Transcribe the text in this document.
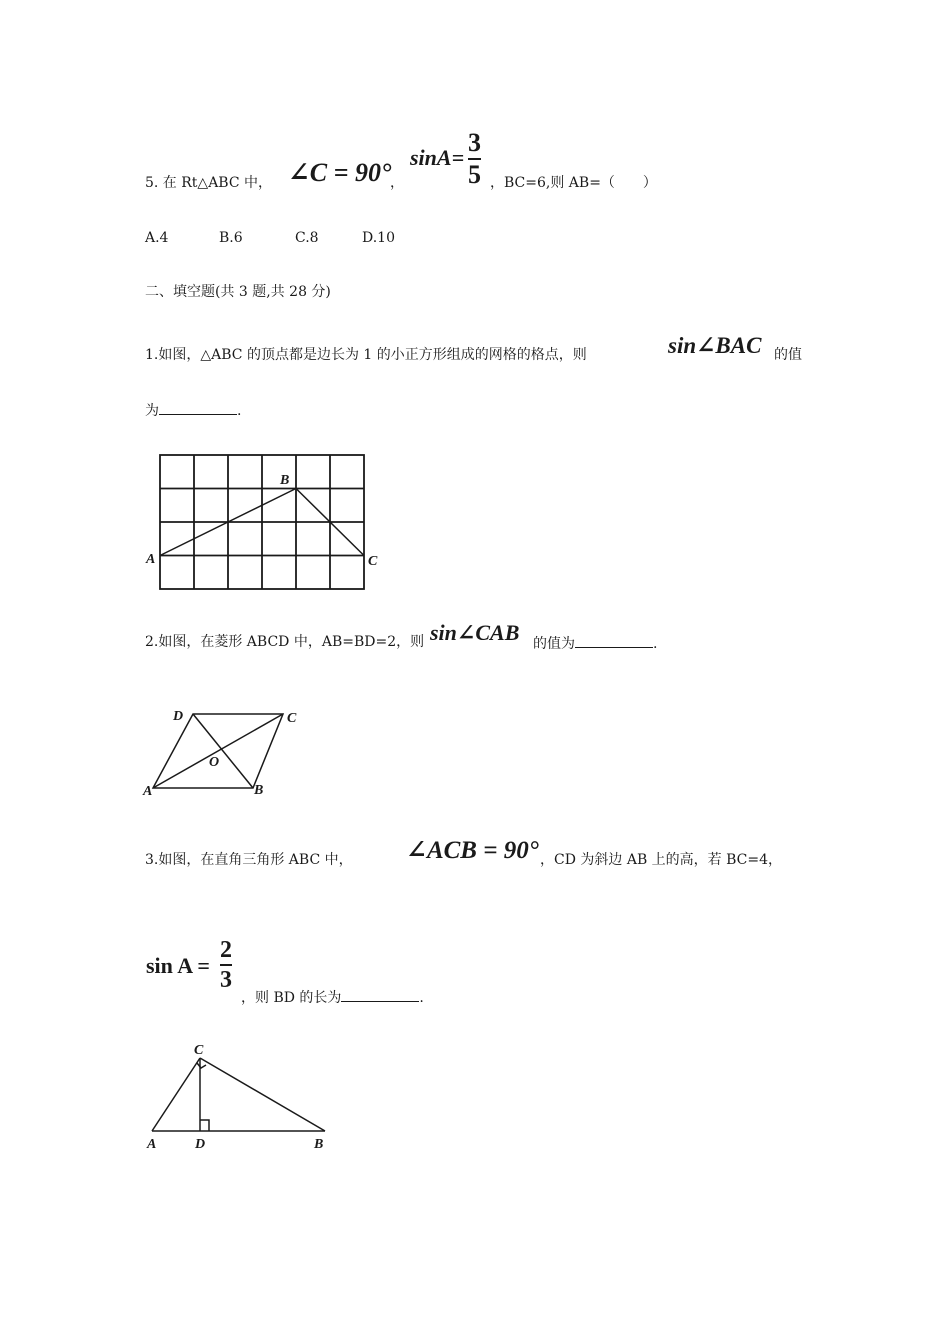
5. 在 Rt△ABC 中， ∠C = 90°
，
$\sin A= \frac{3}{5}$ ，BC=6,则 AB=（　　）
A.4	B.6	C.8	D.10
二、填空题(共 3 题,共 28 分)
1.如图，△ABC 的顶点都是边长为 1 的小正方形组成的网格的格点，则	sin∠BAC 的值
为	.
B
A	C
2.如图，在菱形 ABCD 中，AB=BD=2，则 sin∠CAB 的值为	.
D	C
A	B
O
3.如图，在直角三角形 ABC 中， ∠ACB = 90° ，CD 为斜边 AB 上的高，若 BC=4，
$\sin A = \frac{2}{3}$
，则 BD 的长为	.
C
A	D	B
